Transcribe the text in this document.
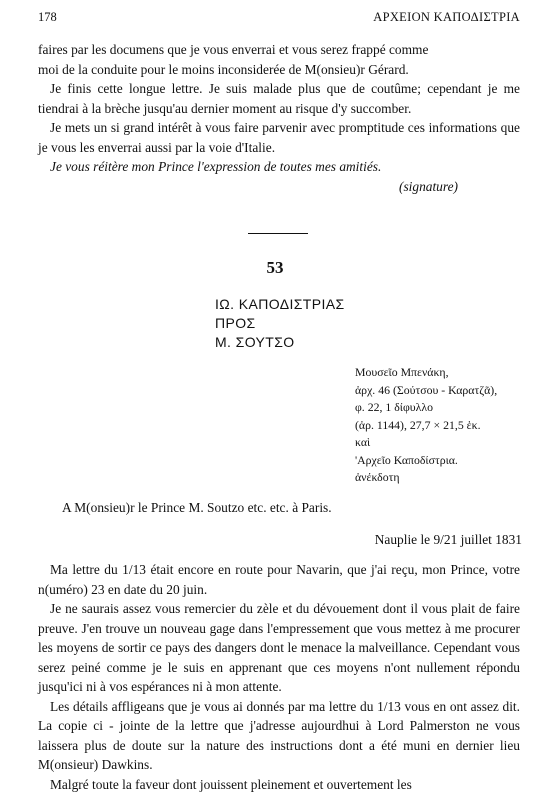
178	ΑΡΧΕΙΟΝ ΚΑΠΟΔΙΣΤΡΙΑ

faires par les documens que je vous enverrai et vous serez frappé comme

moi de la conduite pour le moins inconsiderée de M(onsieu)r Gérard.

Je finis cette longue lettre. Je suis malade plus que de coutûme; cependant je me tiendrai à la brèche jusqu'au dernier moment au risque d'y succomber.

Je mets un si grand intérêt à vous faire parvenir avec promptitude ces informations que je vous les enverrai aussi par la voie d'Italie.

Je vous réitère mon Prince l'expression de toutes mes amitiés.

(signature)

53
ΙΩ. ΚΑΠΟΔΙΣΤΡΙΑΣ
ΠΡΟΣ
Μ. ΣΟΥΤΣΟ
Μουσεῖο Μπενάκη,
ἀρχ. 46 (Σούτσου - Καρατζᾶ),
φ. 22, 1 δίφυλλο
(ἀρ. 1144), 27,7 × 21,5 ἑκ.
καὶ
'Αρχεῖο Καποδίστρια.
ἀνέκδοτη
A M(onsieu)r le Prince M. Soutzo etc. etc. à Paris.
Nauplie le 9/21 juillet 1831

Ma lettre du 1/13 était encore en route pour Navarin, que j'ai reçu, mon Prince, votre n(uméro) 23 en date du 20 juin.

Je ne saurais assez vous remercier du zèle et du dévouement dont il vous plait de faire preuve. J'en trouve un nouveau gage dans l'empressement que vous mettez à me procurer les moyens de sortir ce pays des dangers dont le menace la malveillance. Cependant vous serez peiné comme je le suis en apprenant que ces moyens n'ont nullement répondu jusqu'ici ni à vos espérances ni à mon attente.

Les détails affligeans que je vous ai donnés par ma lettre du 1/13 vous en ont assez dit. La copie ci - jointe de la lettre que j'adresse aujourdhui à Lord Palmerston ne vous laissera plus de doute sur la nature des instructions dont a été muni en dernier lieu M(onsieur) Dawkins.

Malgré toute la faveur dont jouissent pleinement et ouvertement les
